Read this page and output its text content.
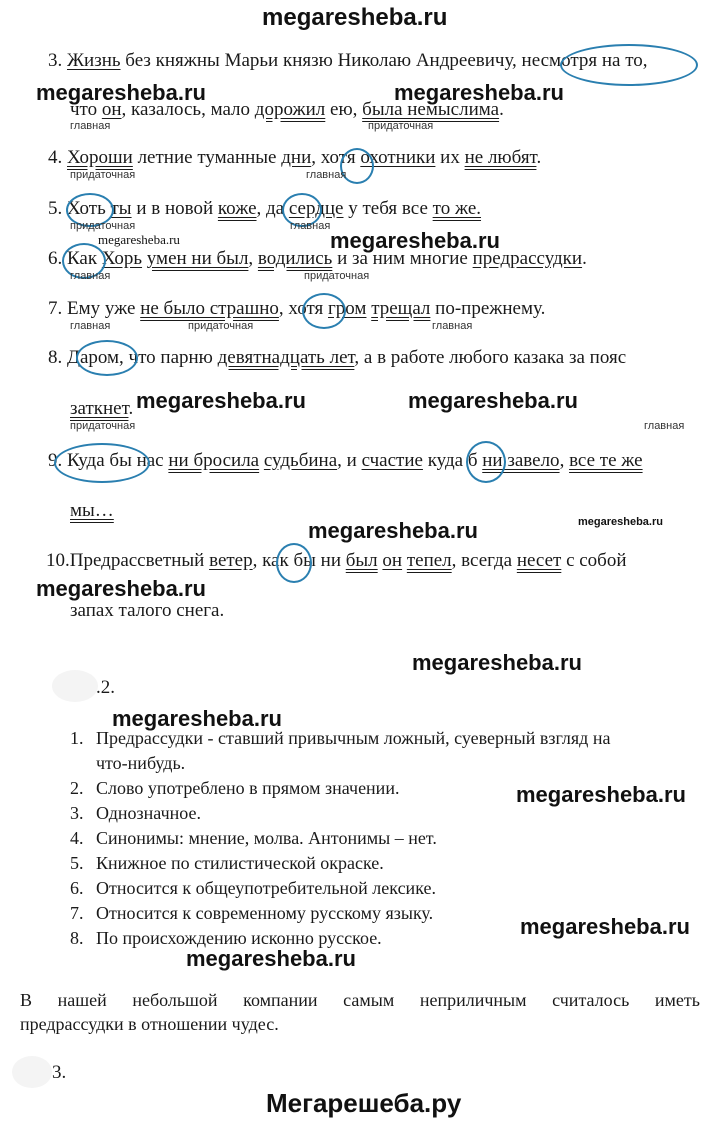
megaresheba.ru
3. Жизнь без княжны Марьи князю Николаю Андреевичу, несмотря на то,
что он, казалось, мало дорожил ею, была немыслима.
главная	придаточная
megaresheba.ru	megaresheba.ru
4. Хороши летние туманные дни, хотя охотники их не любят.
придаточная	главная
5. Хоть ты и в новой коже, да сердце у тебя все то же.
придаточная	главная
megaresheba.ru	megaresheba.ru
6. Как Хорь умен ни был, водились и за ним многие предрассудки.
главная	придаточная
7. Ему уже не было страшно, хотя гром трещал по-прежнему.
главная	придаточная	главная
8. Даром, что парню девятнадцать лет, а в работе любого казака за пояс
заткнет.
придаточная	главная
megaresheba.ru	megaresheba.ru
9. Куда бы нас ни бросила судьбина, и счастие куда б ни завело, все те же
мы…
megaresheba.ru	megaresheba.ru
10.Предрассветный ветер, как бы ни был он тепел, всегда несет с собой
megaresheba.ru
запах талого снега.
megaresheba.ru
.2.
megaresheba.ru
1. Предрассудки - ставший привычным ложный, суеверный взгляд на
что-нибудь.
2. Слово употреблено в прямом значении.
3. Однозначное.
4. Синонимы: мнение, молва. Антонимы – нет.
5. Книжное по стилистической окраске.
6. Относится к общеупотребительной лексике.
7. Относится к современному русскому языку.
8. По происхождению исконно русское.
megaresheba.ru
megaresheba.ru
megaresheba.ru
В нашей небольшой компании самым неприличным считалось иметь
предрассудки в отношении чудес.
3.
Мегарешеба.ру
